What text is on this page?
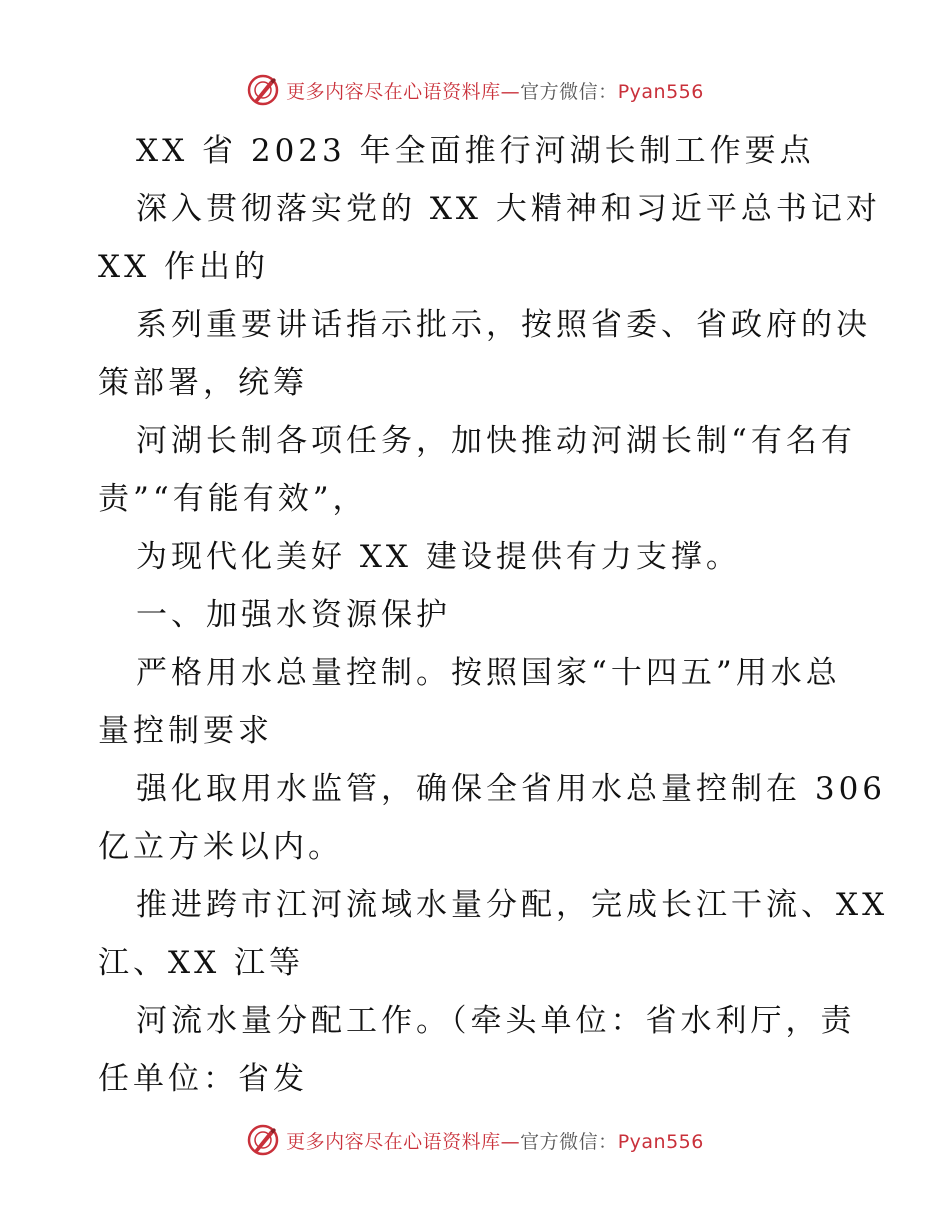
更多内容尽在心语资料库—官方微信：Pyan556
XX 省 2023 年全面推行河湖长制工作要点
深入贯彻落实党的 XX 大精神和习近平总书记对
XX 作出的
系列重要讲话指示批示，按照省委、省政府的决
策部署，统筹
河湖长制各项任务，加快推动河湖长制“有名有
责”“有能有效”，
为现代化美好 XX 建设提供有力支撑。
一、加强水资源保护
严格用水总量控制。按照国家“十四五”用水总
量控制要求
强化取用水监管，确保全省用水总量控制在 306
亿立方米以内。
推进跨市江河流域水量分配，完成长江干流、XX
江、XX 江等
河流水量分配工作。（牵头单位：省水利厅，责
任单位：省发
更多内容尽在心语资料库—官方微信：Pyan556
